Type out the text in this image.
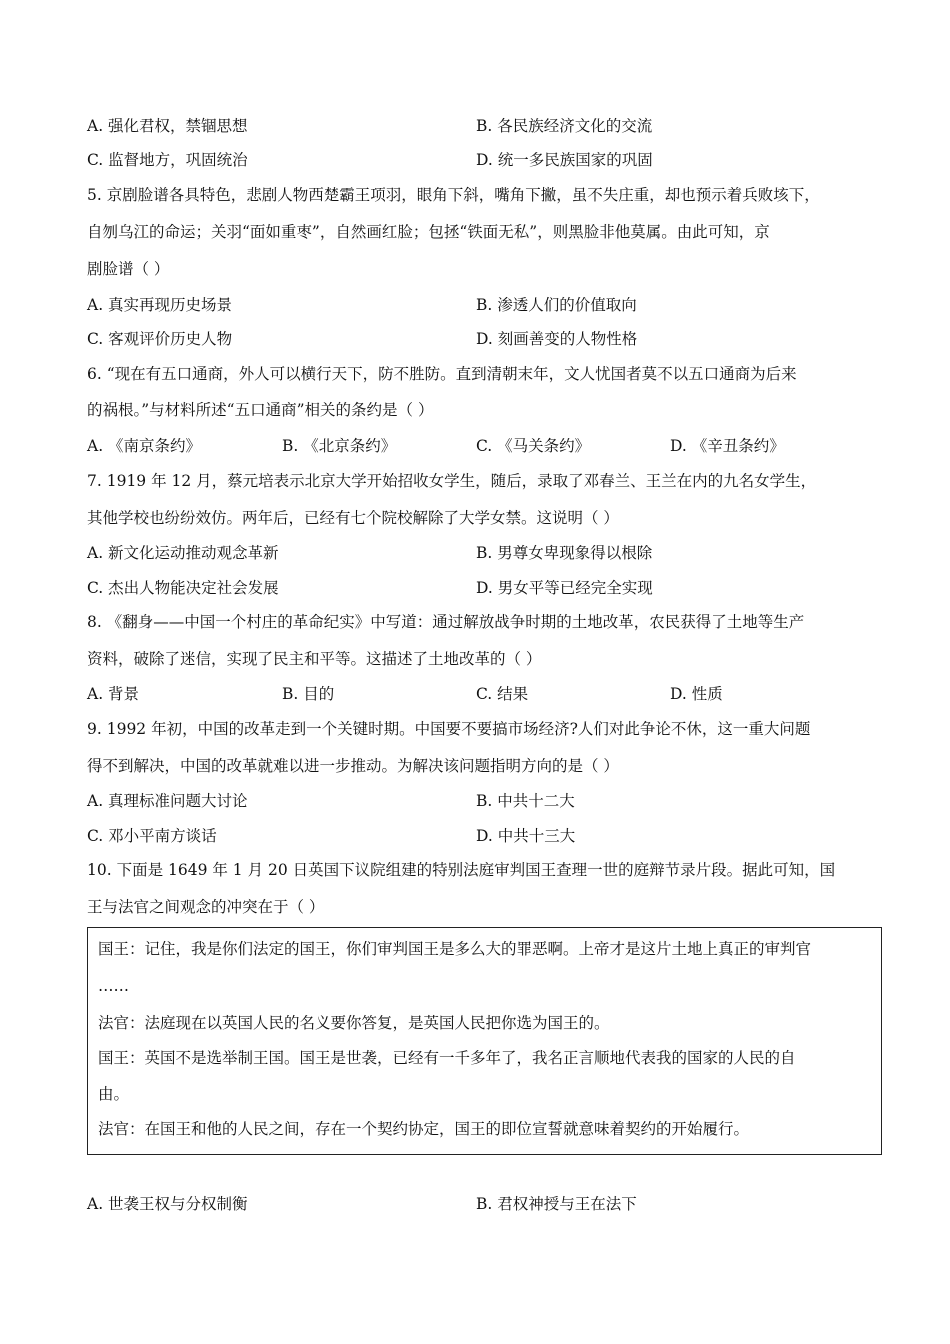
A. 强化君权，禁锢思想	B. 各民族经济文化的交流
C. 监督地方，巩固统治	D. 统一多民族国家的巩固
5. 京剧脸谱各具特色，悲剧人物西楚霸王项羽，眼角下斜，嘴角下撇，虽不失庄重，却也预示着兵败垓下，
自刎乌江的命运；关羽“面如重枣”，自然画红脸；包拯“铁面无私”，则黑脸非他莫属。由此可知，京
剧脸谱（ ）
A. 真实再现历史场景	B. 渗透人们的价值取向
C. 客观评价历史人物	D. 刻画善变的人物性格
6. “现在有五口通商，外人可以横行天下，防不胜防。直到清朝末年，文人忧国者莫不以五口通商为后来
的祸根。”与材料所述“五口通商”相关的条约是（ ）
A. 《南京条约》	B. 《北京条约》	C. 《马关条约》	D. 《辛丑条约》
7. 1919 年 12 月，蔡元培表示北京大学开始招收女学生，随后，录取了邓春兰、王兰在内的九名女学生，
其他学校也纷纷效仿。两年后，已经有七个院校解除了大学女禁。这说明（ ）
A. 新文化运动推动观念革新	B. 男尊女卑现象得以根除
C. 杰出人物能决定社会发展	D. 男女平等已经完全实现
8. 《翻身——中国一个村庄的革命纪实》中写道：通过解放战争时期的土地改革，农民获得了土地等生产
资料，破除了迷信，实现了民主和平等。这描述了土地改革的（ ）
A. 背景	B. 目的	C. 结果	D. 性质
9. 1992 年初，中国的改革走到一个关键时期。中国要不要搞市场经济?人们对此争论不休，这一重大问题
得不到解决，中国的改革就难以进一步推动。为解决该问题指明方向的是（ ）
A. 真理标准问题大讨论	B. 中共十二大
C. 邓小平南方谈话	D. 中共十三大
10. 下面是 1649 年 1 月 20 日英国下议院组建的特别法庭审判国王查理一世的庭辩节录片段。据此可知，国
王与法官之间观念的冲突在于（ ）
国王：记住，我是你们法定的国王，你们审判国王是多么大的罪恶啊。上帝才是这片土地上真正的审判官
……
法官：法庭现在以英国人民的名义要你答复，是英国人民把你选为国王的。
国王：英国不是选举制王国。国王是世袭，已经有一千多年了，我名正言顺地代表我的国家的人民的自
由。
法官：在国王和他的人民之间，存在一个契约协定，国王的即位宣誓就意味着契约的开始履行。
A. 世袭王权与分权制衡	B. 君权神授与王在法下
